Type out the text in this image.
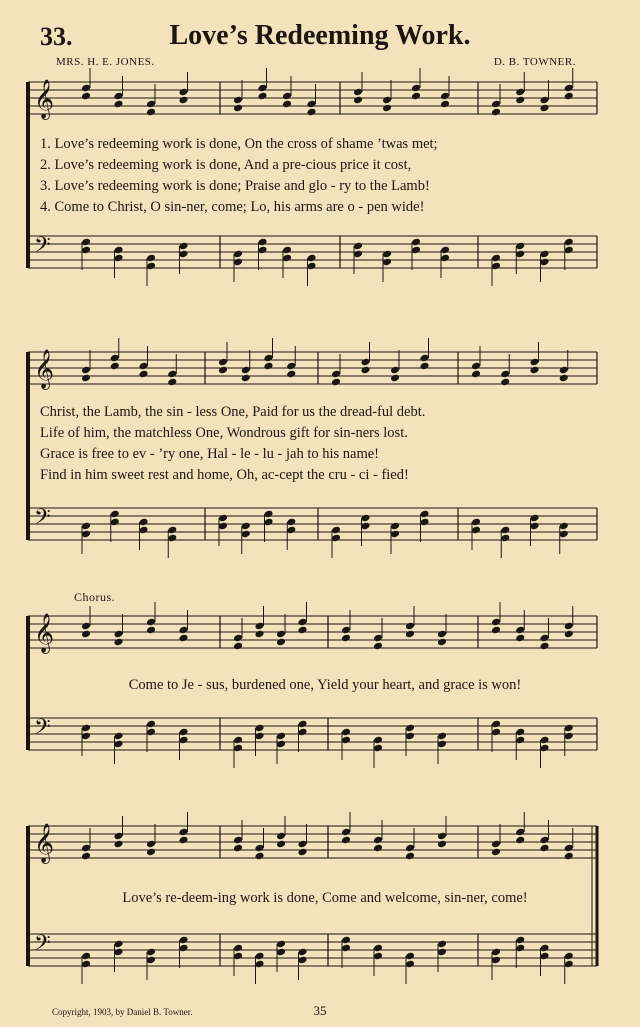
33.	Love’s Redeeming Work.
MRS. H. E. JONES.	D. B. TOWNER.
𝄞
𝄢
𝄞
𝄢
𝄞
𝄢
𝄞
𝄢
1. Love’s redeeming work is done, On the cross of shame ’twas met;
2. Love’s redeeming work is done, And a pre-cious price it cost,
3. Love’s redeeming work is done; Praise and glo - ry to the Lamb!
4. Come to Christ, O sin-ner, come; Lo, his arms are o - pen wide!
Christ, the Lamb, the sin - less One, Paid for us the dread-ful debt.
Life of him, the matchless One, Wondrous gift for sin-ners lost.
Grace is free to ev - ’ry one, Hal - le - lu - jah to his name!
Find in him sweet rest and home, Oh, ac-cept the cru - ci - fied!
Chorus.
Come to Je - sus, burdened one, Yield your heart, and grace is won!
Love’s re-deem-ing work is done, Come and welcome, sin-ner, come!
Copyright, 1903, by Daniel B. Towner.	35
